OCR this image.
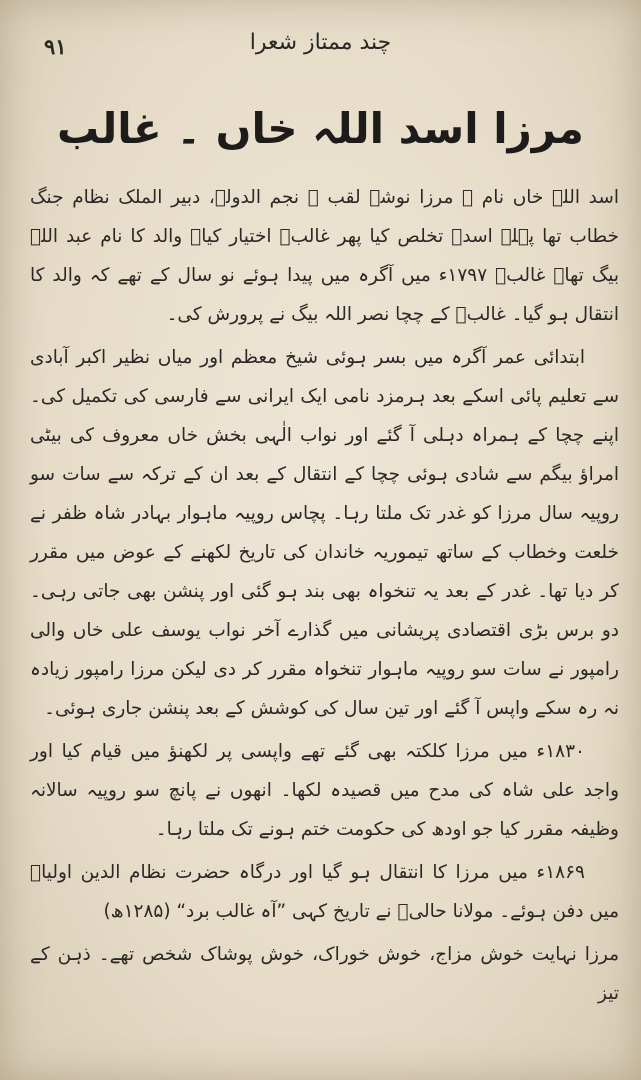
۹۱	چند ممتاز شعرا
مرزا اسد اللہ خاں ۔ غالب

اسد اللہ خاں نام ۔ مرزا نوشہ لقب ۔ نجم الدولہ، دبیر الملک نظام جنگ خطاب تھا پہلے اسدؔ تخلص کیا پھر غالبؔ اختیار کیا۔ والد کا نام عبد اللہ بیگ تھا۔ غالبؔ ۱۷۹۷ء میں آگرہ میں پیدا ہوئے نو سال کے تھے کہ والد کا انتقال ہو گیا۔ غالبؔ کے چچا نصر اللہ بیگ نے پرورش کی۔

ابتدائی عمر آگرہ میں بسر ہوئی شیخ معظم اور میاں نظیر اکبر آبادی سے تعلیم پائی اسکے بعد ہرمزد نامی ایک ایرانی سے فارسی کی تکمیل کی۔ اپنے چچا کے ہمراہ دہلی آ گئے اور نواب الٰہی بخش خاں معروف کی بیٹی امراؤ بیگم سے شادی ہوئی چچا کے انتقال کے بعد ان کے ترکہ سے سات سو روپیہ سال مرزا کو غدر تک ملتا رہا۔ پچاس روپیہ ماہوار بہادر شاہ ظفر نے خلعت وخطاب کے ساتھ تیموریہ خاندان کی تاریخ لکھنے کے عوض میں مقرر کر دیا تھا۔ غدر کے بعد یہ تنخواہ بھی بند ہو گئی اور پنشن بھی جاتی رہی۔ دو برس بڑی اقتصادی پریشانی میں گذارے آخر نواب یوسف علی خاں والی رامپور نے سات سو روپیہ ماہوار تنخواہ مقرر کر دی لیکن مرزا رامپور زیادہ نہ رہ سکے واپس آ گئے اور تین سال کی کوشش کے بعد پنشن جاری ہوئی۔

۱۸۳۰ء میں مرزا کلکتہ بھی گئے تھے واپسی پر لکھنؤ میں قیام کیا اور واجد علی شاہ کی مدح میں قصیدہ لکھا۔ انھوں نے پانچ سو روپیہ سالانہ وظیفہ مقرر کیا جو اودھ کی حکومت ختم ہونے تک ملتا رہا۔

۱۸۶۹ء میں مرزا کا انتقال ہو گیا اور درگاہ حضرت نظام الدین اولیاؒ میں دفن ہوئے۔ مولانا حالیؔ نے تاریخ کہی ”آہ غالب برد“ (۱۲۸۵ھ)

مرزا نہایت خوش مزاج، خوش خوراک، خوش پوشاک شخص تھے۔ ذہن کے تیز
